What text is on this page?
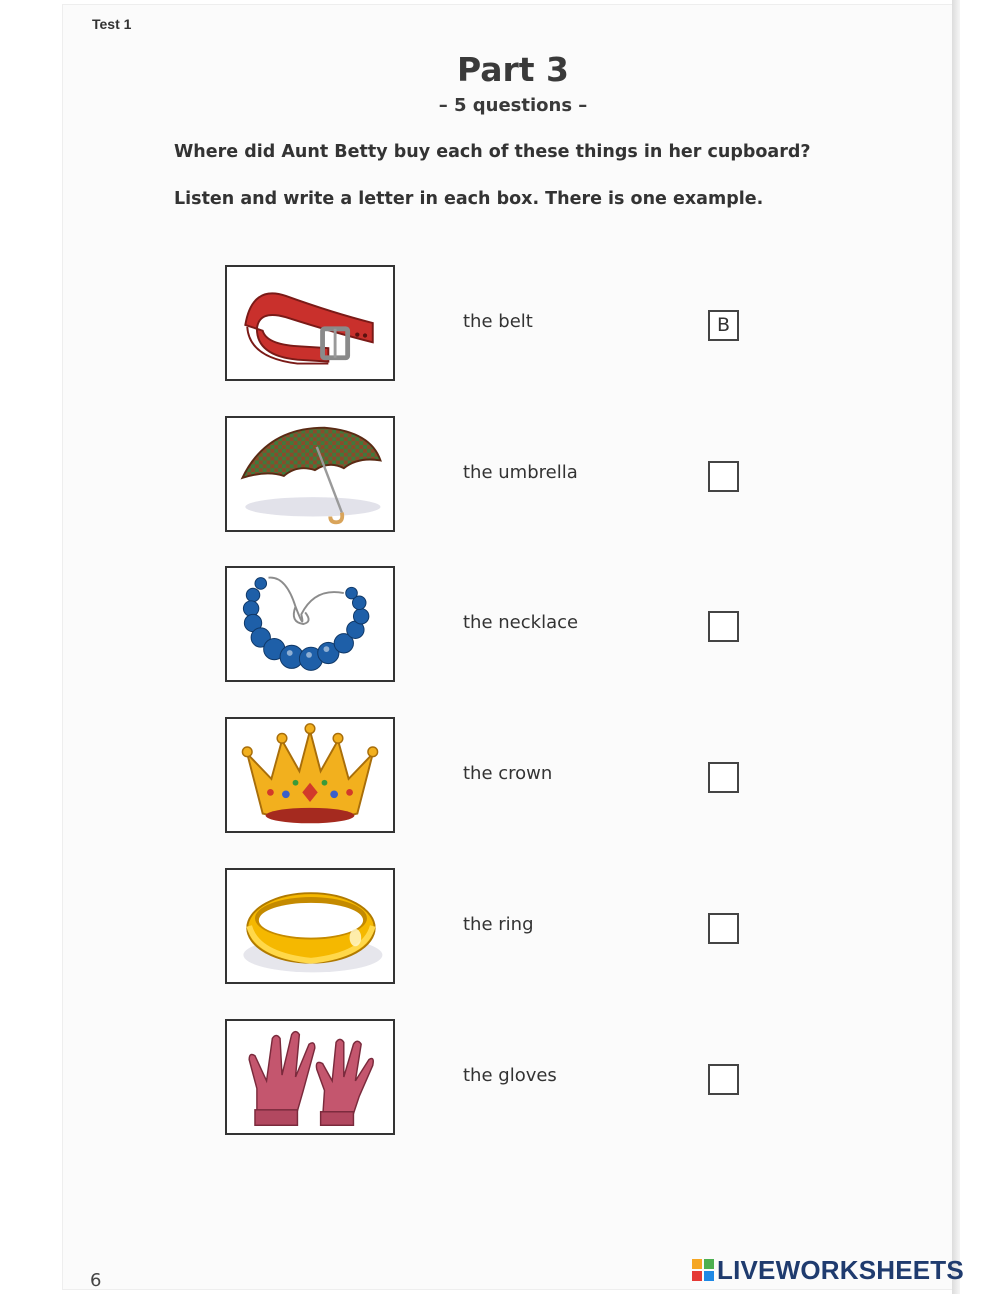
Test 1
Part 3
– 5 questions –
Where did Aunt Betty buy each of these things in her cupboard?
Listen and write a letter in each box. There is one example.
the belt	B
the umbrella
the necklace
the crown
the ring
the gloves
6	LIVEWORKSHEETS
